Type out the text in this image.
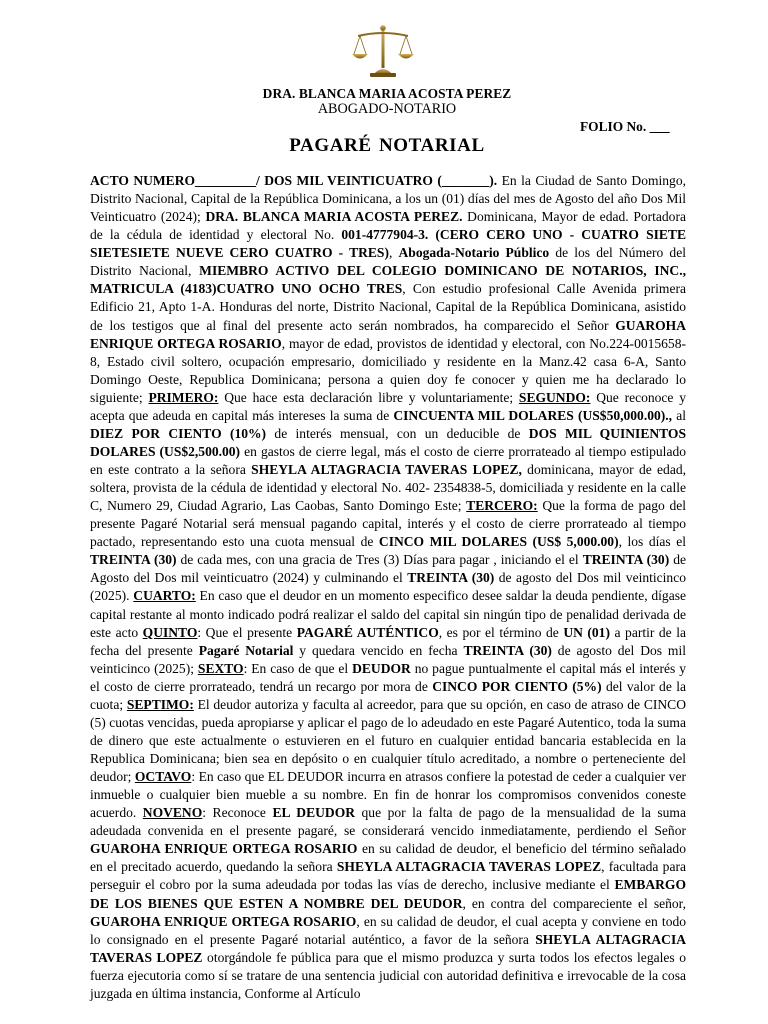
DRA. BLANCA MARIA ACOSTA PEREZ
ABOGADO-NOTARIO
FOLIO No.
PAGARÉ NOTARIAL
ACTO NUMERO_________/ DOS MIL VEINTICUATRO (_______). En la Ciudad de Santo Domingo, Distrito Nacional, Capital de la República Dominicana, a los un (01) días del mes de Agosto del año Dos Mil Veinticuatro (2024); DRA. BLANCA MARIA ACOSTA PEREZ. Dominicana, Mayor de edad. Portadora de la cédula de identidad y electoral No. 001-4777904-3. (CERO CERO UNO - CUATRO SIETE SIETESIETE NUEVE CERO CUATRO - TRES), Abogada-Notario Público de los del Número del Distrito Nacional, MIEMBRO ACTIVO DEL COLEGIO DOMINICANO DE NOTARIOS, INC., MATRICULA (4183)CUATRO UNO OCHO TRES, Con estudio profesional Calle Avenida primera Edificio 21, Apto 1-A. Honduras del norte, Distrito Nacional, Capital de la República Dominicana, asistido de los testigos que al final del presente acto serán nombrados, ha comparecido el Señor GUAROHA ENRIQUE ORTEGA ROSARIO, mayor de edad, provistos de identidad y electoral, con No.224-0015658-8, Estado civil soltero, ocupación empresario, domiciliado y residente en la Manz.42 casa 6-A, Santo Domingo Oeste, Republica Dominicana; persona a quien doy fe conocer y quien me ha declarado lo siguiente; PRIMERO: Que hace esta declaración libre y voluntariamente; SEGUNDO: Que reconoce y acepta que adeuda en capital más intereses la suma de CINCUENTA MIL DOLARES (US$50,000.00)., al DIEZ POR CIENTO (10%) de interés mensual, con un deducible de DOS MIL QUINIENTOS DOLARES (US$2,500.00) en gastos de cierre legal, más el costo de cierre prorrateado al tiempo estipulado en este contrato a la señora SHEYLA ALTAGRACIA TAVERAS LOPEZ, dominicana, mayor de edad, soltera, provista de la cédula de identidad y electoral No. 402- 2354838-5, domiciliada y residente en la calle C, Numero 29, Ciudad Agrario, Las Caobas, Santo Domingo Este; TERCERO: Que la forma de pago del presente Pagaré Notarial será mensual pagando capital, interés y el costo de cierre prorrateado al tiempo pactado, representando esto una cuota mensual de CINCO MIL DOLARES (US$ 5,000.00), los días el TREINTA (30) de cada mes, con una gracia de Tres (3) Días para pagar , iniciando el el TREINTA (30) de Agosto del Dos mil veinticuatro (2024) y culminando el TREINTA (30) de agosto del Dos mil veinticinco (2025). CUARTO: En caso que el deudor en un momento especifico desee saldar la deuda pendiente, dígase capital restante al monto indicado podrá realizar el saldo del capital sin ningún tipo de penalidad derivada de este acto QUINTO: Que el presente PAGARÉ AUTÉNTICO, es por el término de UN (01) a partir de la fecha del presente Pagaré Notarial y quedara vencido en fecha TREINTA (30) de agosto del Dos mil veinticinco (2025); SEXTO: En caso de que el DEUDOR no pague puntualmente el capital más el interés y el costo de cierre prorrateado, tendrá un recargo por mora de CINCO POR CIENTO (5%) del valor de la cuota; SEPTIMO: El deudor autoriza y faculta al acreedor, para que su opción, en caso de atraso de CINCO (5) cuotas vencidas, pueda apropiarse y aplicar el pago de lo adeudado en este Pagaré Autentico, toda la suma de dinero que este actualmente o estuvieren en el futuro en cualquier entidad bancaria establecida en la Republica Dominicana; bien sea en depósito o en cualquier título acreditado, a nombre o perteneciente del deudor; OCTAVO: En caso que EL DEUDOR incurra en atrasos confiere la potestad de ceder a cualquier ver inmueble o cualquier bien mueble a su nombre. En fin de honrar los compromisos convenidos coneste acuerdo. NOVENO: Reconoce EL DEUDOR que por la falta de pago de la mensualidad de la suma adeudada convenida en el presente pagaré, se considerará vencido inmediatamente, perdiendo el Señor GUAROHA ENRIQUE ORTEGA ROSARIO en su calidad de deudor, el beneficio del término señalado en el precitado acuerdo, quedando la señora SHEYLA ALTAGRACIA TAVERAS LOPEZ, facultada para perseguir el cobro por la suma adeudada por todas las vías de derecho, inclusive mediante el EMBARGO DE LOS BIENES QUE ESTEN A NOMBRE DEL DEUDOR, en contra del compareciente el señor, GUAROHA ENRIQUE ORTEGA ROSARIO, en su calidad de deudor, el cual acepta y conviene en todo lo consignado en el presente Pagaré notarial auténtico, a favor de la señora SHEYLA ALTAGRACIA TAVERAS LOPEZ otorgándole fe pública para que el mismo produzca y surta todos los efectos legales o fuerza ejecutoria como sí se tratare de una sentencia judicial con autoridad definitiva e irrevocable de la cosa juzgada en última instancia, Conforme al Artículo
